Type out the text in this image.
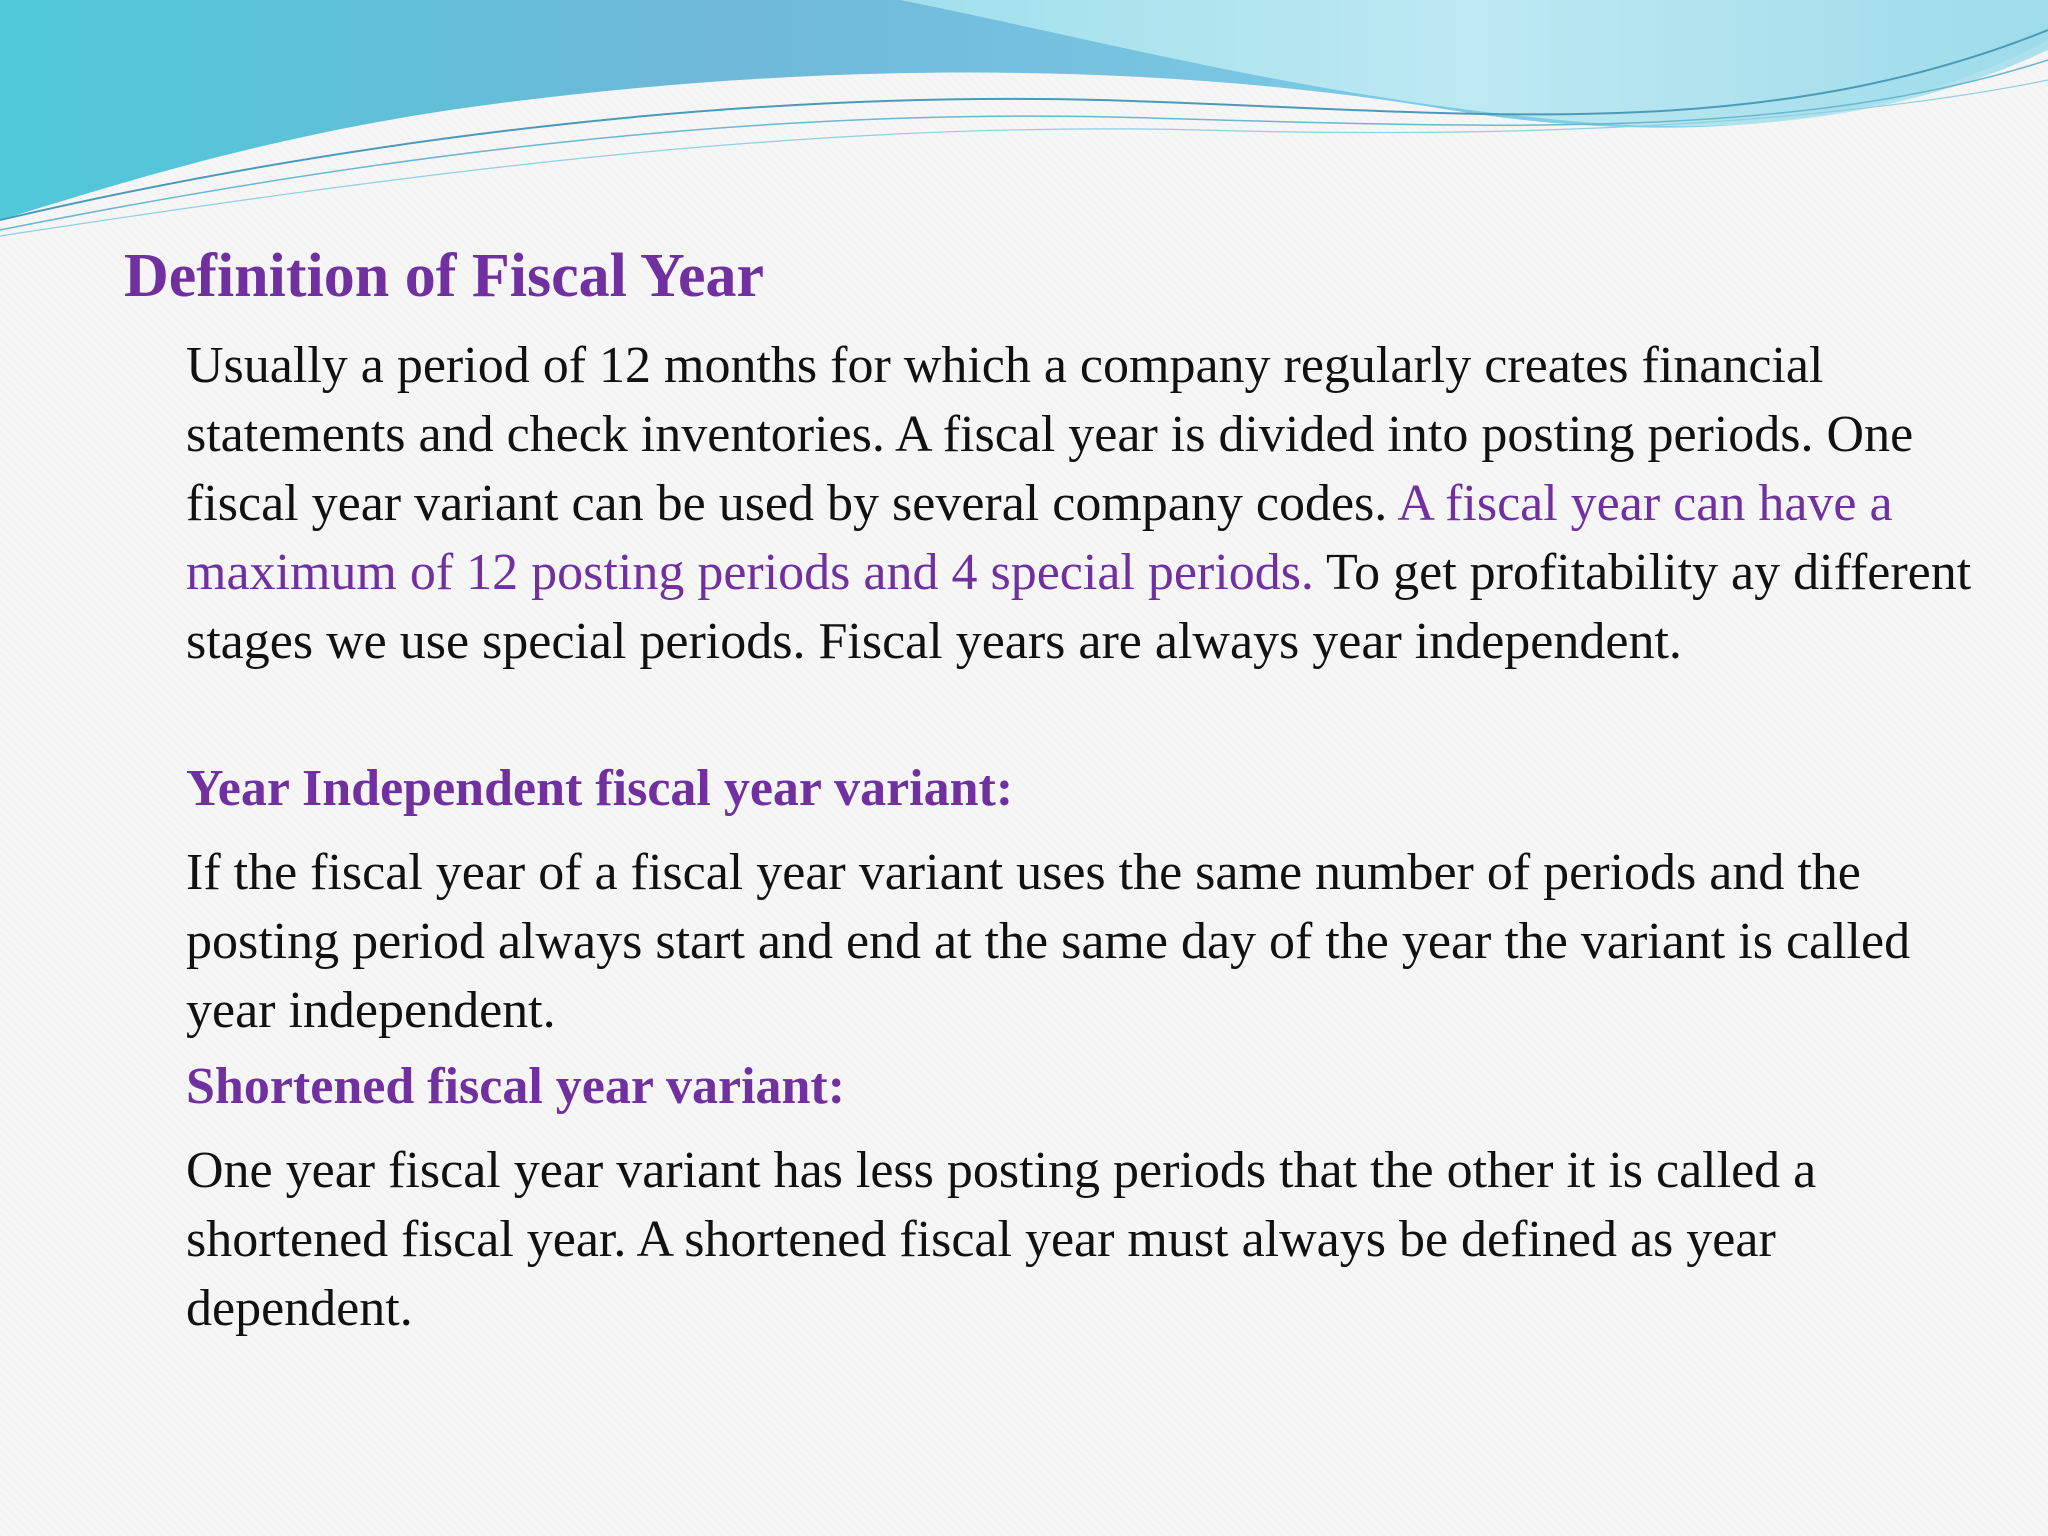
Definition of Fiscal Year

Usually a period of 12 months for which a company regularly creates financial statements and check inventories. A fiscal year is divided into posting periods. One fiscal year variant can be used by several company codes. A fiscal year can have a maximum of 12 posting periods and 4 special periods. To get profitability ay different stages we use special periods. Fiscal years are always year independent.

Year Independent fiscal year variant:

If the fiscal year of a fiscal year variant uses the same number of periods and the posting period always start and end at the same day of the year the variant is called year independent.

Shortened fiscal year variant:

One year fiscal year variant has less posting periods that the other it is called a shortened fiscal year. A shortened fiscal year must always be defined as year dependent.
